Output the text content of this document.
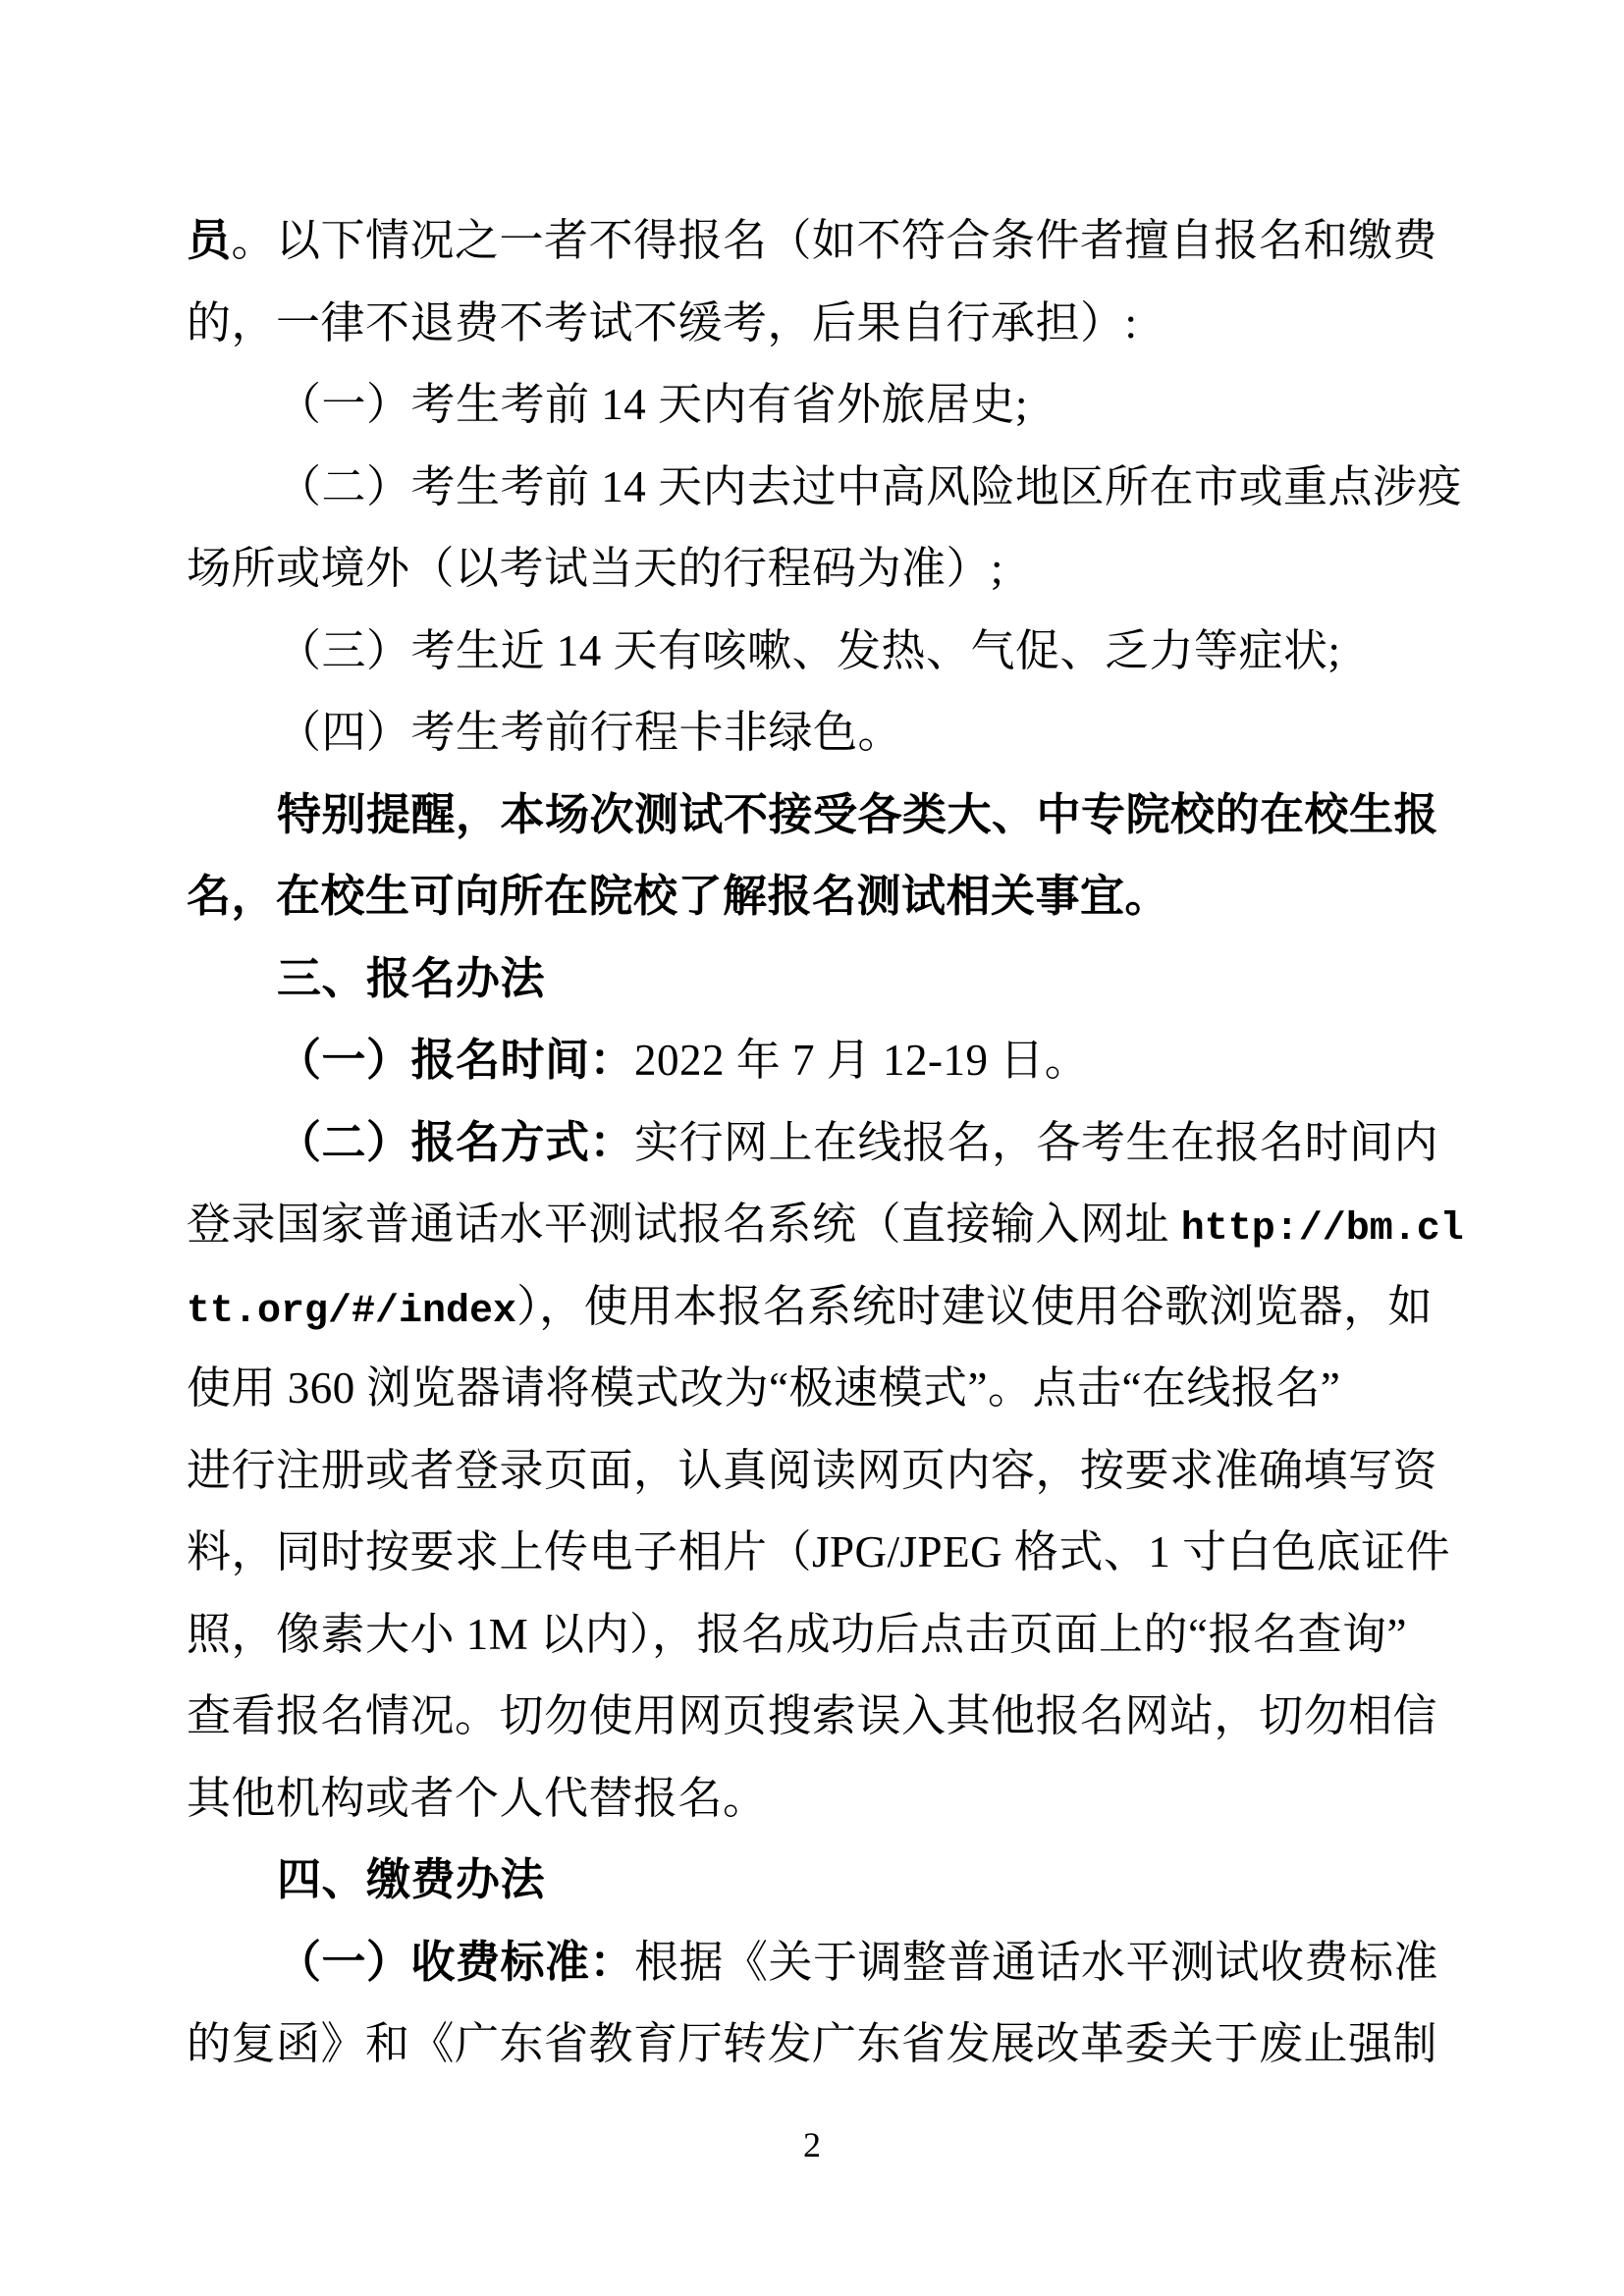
员。以下情况之一者不得报名（如不符合条件者擅自报名和缴费
的，一律不退费不考试不缓考，后果自行承担）:
（一）考生考前 14 天内有省外旅居史;
（二）考生考前 14 天内去过中高风险地区所在市或重点涉疫
场所或境外（以考试当天的行程码为准）;
（三）考生近 14 天有咳嗽、发热、气促、乏力等症状;
（四）考生考前行程卡非绿色。
特别提醒，本场次测试不接受各类大、中专院校的在校生报
名，在校生可向所在院校了解报名测试相关事宜。
三、报名办法
（一）报名时间：2022 年 7 月 12-19 日。
（二）报名方式：实行网上在线报名，各考生在报名时间内
登录国家普通话水平测试报名系统（直接输入网址 http://bm.cl
tt.org/#/index），使用本报名系统时建议使用谷歌浏览器，如
使用 360 浏览器请将模式改为“极速模式”。点击“在线报名”
进行注册或者登录页面，认真阅读网页内容，按要求准确填写资
料，同时按要求上传电子相片（JPG/JPEG 格式、1 寸白色底证件
照，像素大小 1M 以内），报名成功后点击页面上的“报名查询”
查看报名情况。切勿使用网页搜索误入其他报名网站，切勿相信
其他机构或者个人代替报名。
四、缴费办法
（一）收费标准：根据《关于调整普通话水平测试收费标准
的复函》和《广东省教育厅转发广东省发展改革委关于废止强制
2
